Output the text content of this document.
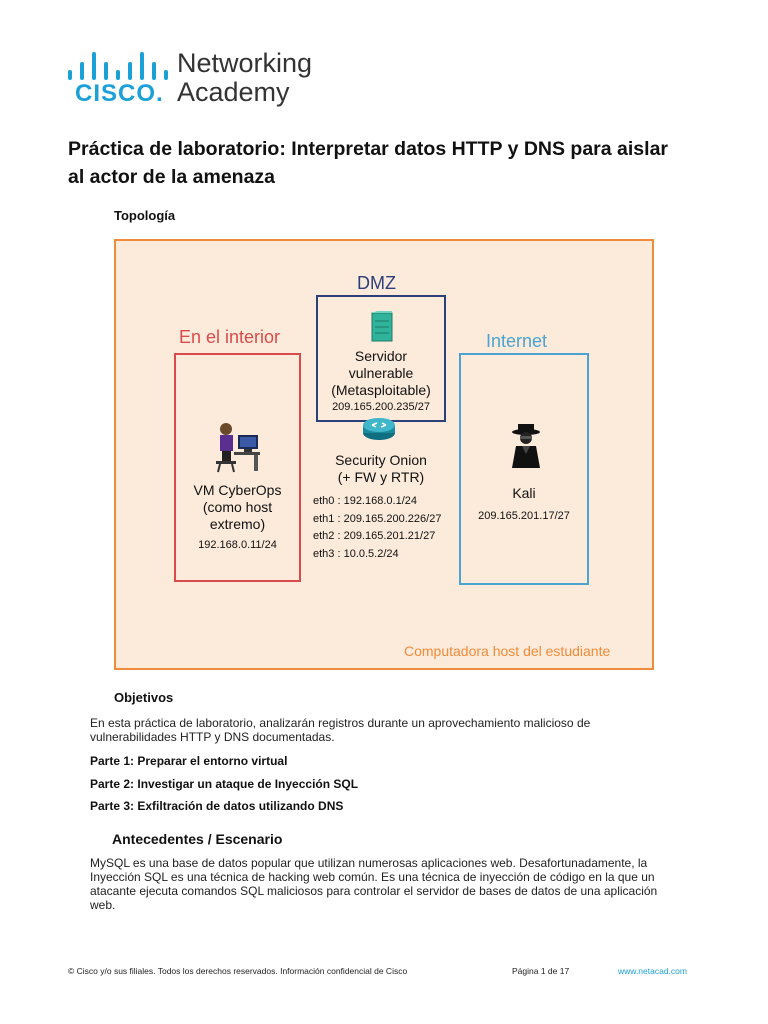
CISCO.
Networking
Academy
Práctica de laboratorio: Interpretar datos HTTP y DNS para aislar
al actor de la amenaza
Topología
En el interior
DMZ
Internet
Servidor
vulnerable
(Metasploitable)
209.165.200.235/27
Security Onion
(+ FW y RTR)
eth0 : 192.168.0.1/24
eth1 : 209.165.200.226/27
eth2 : 209.165.201.21/27
eth3 : 10.0.5.2/24
VM CyberOps
(como host
extremo)
192.168.0.11/24
Kali
209.165.201.17/27
Computadora host del estudiante
Objetivos

En esta práctica de laboratorio, analizarán registros durante un aprovechamiento malicioso de
vulnerabilidades HTTP y DNS documentadas.

Parte 1: Preparar el entorno virtual

Parte 2: Investigar un ataque de Inyección SQL

Parte 3: Exfiltración de datos utilizando DNS

Antecedentes / Escenario

MySQL es una base de datos popular que utilizan numerosas aplicaciones web. Desafortunadamente, la
Inyección SQL es una técnica de hacking web común. Es una técnica de inyección de código en la que un
atacante ejecuta comandos SQL maliciosos para controlar el servidor de bases de datos de una aplicación
web.

© Cisco y/o sus filiales. Todos los derechos reservados. Información confidencial de Cisco	Página 1 de 17	www.netacad.com
